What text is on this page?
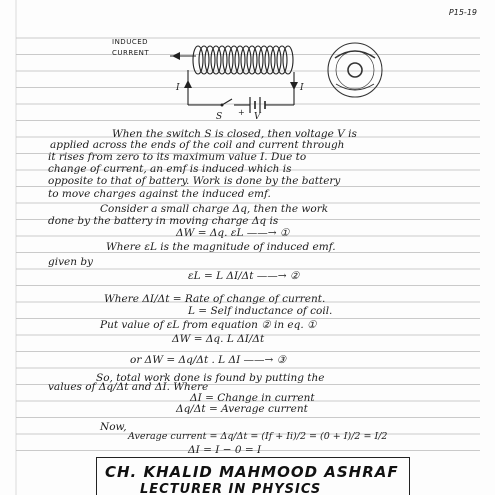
P15-19
INDUCED
CURRENT
I	I
S + V
When the switch S is closed, then voltage V is
applied across the ends of the coil and current through
it rises from zero to its maximum value I. Due to
change of current, an emf is induced which is
opposite to that of battery. Work is done by the battery
to move charges against the induced emf.
Consider a small charge Δq, then the work
done by the battery in moving charge Δq is
ΔW = Δq. εL ——→ ①
Where εL is the magnitude of induced emf.
given by
εL = L ΔI/Δt ——→ ②
Where ΔI/Δt = Rate of change of current.
L = Self inductance of coil.
Put value of εL from equation ② in eq. ①
ΔW = Δq. L ΔI/Δt
or ΔW = Δq/Δt . L ΔI ——→ ③
So, total work done is found by putting the
values of Δq/Δt and ΔI. Where
ΔI = Change in current
Δq/Δt = Average current
Now,
Average current = Δq/Δt = (If + Ii)/2 = (0 + I)/2 = I/2
ΔI = I − 0 = I
CH. KHALID MAHMOOD ASHRAF
LECTURER IN PHYSICS
